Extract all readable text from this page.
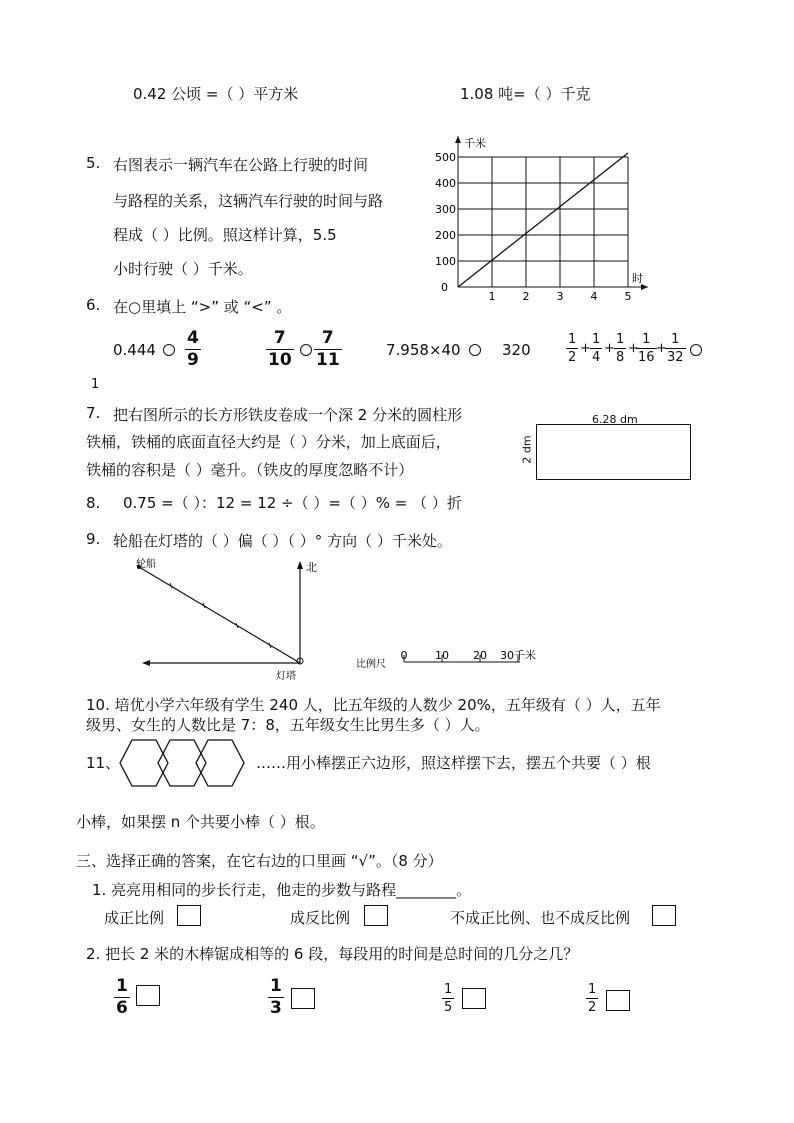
0.42 公顷 =（ ）平方米	1.08 吨=（ ）千克
5. 右图表示一辆汽车在公路上行驶的时间
与路程的关系，这辆汽车行驶的时间与路
程成（ ）比例。照这样计算，5.5
小时行驶（ ）千米。
千米
时
0
100
200
300
400
500
1 2 3 4 5
6. 在○里填上 “>” 或 “<” 。
$0.444 \frac{4}{9}$	$\frac{7}{10} \frac{7}{11}$	7.958×40	320	$\frac{1}{2} + \frac{1}{4} + \frac{1}{8}$ +
$\frac{1}{16}$ +
$\frac{1}{32}$
1
7. 把右图所示的长方形铁皮卷成一个深 2 分米的圆柱形
铁桶，铁桶的底面直径大约是（ ）分米，加上底面后，
铁桶的容积是（ ）毫升。（铁皮的厚度忽略不计）
6.28 dm
2 dm
8. 0.75 =（ ）：12 = 12 ÷（ ）=（ ）% = （ ）折
9. 轮船在灯塔的（ ）偏（ ）（ ）° 方向（ ）千米处。
轮船	北
灯塔
比例尺
0	10 20 30千米
10. 培优小学六年级有学生 240 人，比五年级的人数少 20%，五年级有（ ）人，五年
级男、女生的人数比是 7：8，五年级女生比男生多（ ）人。
11、	……用小棒摆正六边形，照这样摆下去，摆五个共要（ ）根
小棒，如果摆 n 个共要小棒（ ）根。
三、选择正确的答案，在它右边的口里画 “√”。（8 分）
1. 亮亮用相同的步长行走，他走的步数与路程________。
成正比例	成反比例	不成正比例、也不成反比例
2. 把长 2 米的木棒锯成相等的 6 段，每段用的时间是总时间的几分之几？
$\frac{1}{6}$	$\frac{1}{3}$	$\frac{1}{5}$	$\frac{1}{2}$
